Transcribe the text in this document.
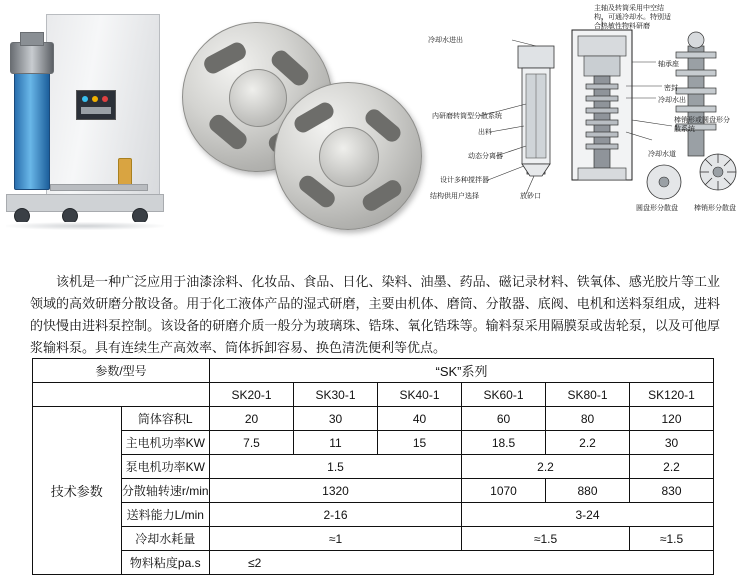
主轴及转筒采用中空结构、可通冷却水。特别适合热敏性物料研磨
冷却水进出
轴承座
密封
冷却水出
内研磨转筒型分散系统
出料
棒销形或圆盘形分散系统
动态分离器	冷却水道
设计多种搅拌器
结构供用户选择	放砂口
圆盘形分散盘 棒销形分散盘

该机是一种广泛应用于油漆涂料、化妆品、食品、日化、染料、油墨、药品、磁记录材料、铁氧体、感光胶片等工业领域的高效研磨分散设备。用于化工液体产品的湿式研磨，主要由机体、磨筒、分散器、底阀、电机和送料泵组成，进料的快慢由进料泵控制。该设备的研磨介质一般分为玻璃珠、锆珠、氧化锆珠等。输料泵采用隔膜泵或齿轮泵，以及可他厚浆输料泵。具有连续生产高效率、筒体拆卸容易、换色清洗便利等优点。

参数/型号		“SK”系列					
		SK20-1	SK30-1	SK40-1	SK60-1	SK80-1	SK120-1
技术参数	筒体容积L	20	30	40	60	80	120
	主电机功率KW	7.5	11	15	18.5	2.2	30
	泵电机功率KW	1.5			2.2		2.2
	分散轴转速r/min	1320			1070	880	830
	送料能力L/min	2-16			3-24		
	冷却水耗量	≈1			≈1.5		≈1.5
	物料粘度pa.s	≤2					
